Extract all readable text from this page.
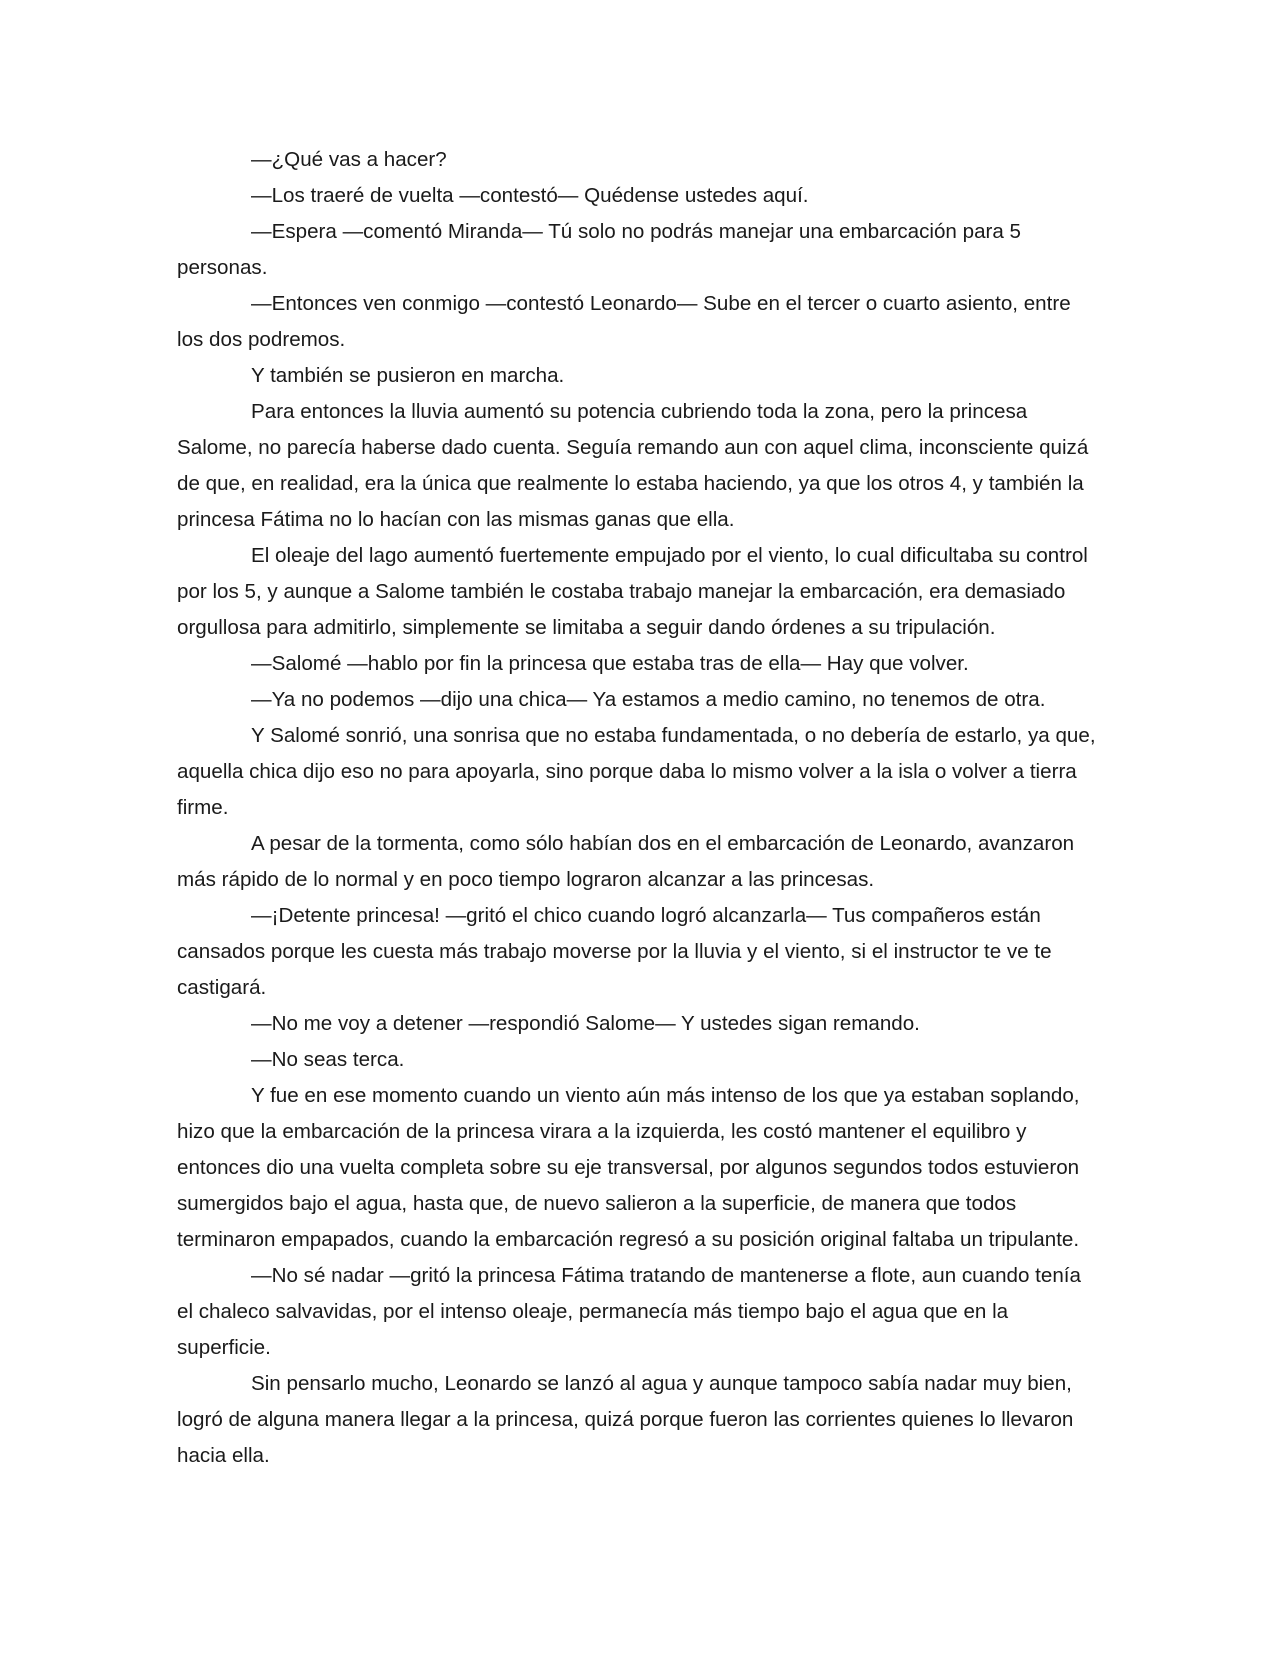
—¿Qué vas a hacer?

—Los traeré de vuelta —contestó— Quédense ustedes aquí.

—Espera —comentó Miranda— Tú solo no podrás manejar una embarcación para 5 personas.

—Entonces ven conmigo —contestó Leonardo— Sube en el tercer o cuarto asiento, entre los dos podremos.

Y también se pusieron en marcha.

Para entonces la lluvia aumentó su potencia cubriendo toda la zona, pero la princesa Salome, no parecía haberse dado cuenta. Seguía remando aun con aquel clima, inconsciente quizá de que, en realidad, era la única que realmente lo estaba haciendo, ya que los otros 4, y también la princesa Fátima no lo hacían con las mismas ganas que ella.

El oleaje del lago aumentó fuertemente empujado por el viento, lo cual dificultaba su control por los 5, y aunque a Salome también le costaba trabajo manejar la embarcación, era demasiado orgullosa para admitirlo, simplemente se limitaba a seguir dando órdenes a su tripulación.

—Salomé —hablo por fin la princesa que estaba tras de ella— Hay que volver.

—Ya no podemos —dijo una chica— Ya estamos a medio camino, no tenemos de otra.

Y Salomé sonrió, una sonrisa que no estaba fundamentada, o no debería de estarlo, ya que, aquella chica dijo eso no para apoyarla, sino porque daba lo mismo volver a la isla o volver a tierra firme.

A pesar de la tormenta, como sólo habían dos en el embarcación de Leonardo, avanzaron más rápido de lo normal y en poco tiempo lograron alcanzar a las princesas.

—¡Detente princesa! —gritó el chico cuando logró alcanzarla— Tus compañeros están cansados porque les cuesta más trabajo moverse por la lluvia y el viento, si el instructor te ve te castigará.

—No me voy a detener —respondió Salome— Y ustedes sigan remando.

—No seas terca.

Y fue en ese momento cuando un viento aún más intenso de los que ya estaban soplando, hizo que la embarcación de la princesa virara a la izquierda, les costó mantener el equilibro y entonces dio una vuelta completa sobre su eje transversal, por algunos segundos todos estuvieron sumergidos bajo el agua, hasta que, de nuevo salieron a la superficie, de manera que todos terminaron empapados, cuando la embarcación regresó a su posición original faltaba un tripulante.

—No sé nadar —gritó la princesa Fátima tratando de mantenerse a flote, aun cuando tenía el chaleco salvavidas, por el intenso oleaje, permanecía más tiempo bajo el agua que en la superficie.

Sin pensarlo mucho, Leonardo se lanzó al agua y aunque tampoco sabía nadar muy bien, logró de alguna manera llegar a la princesa, quizá porque fueron las corrientes quienes lo llevaron hacia ella.
